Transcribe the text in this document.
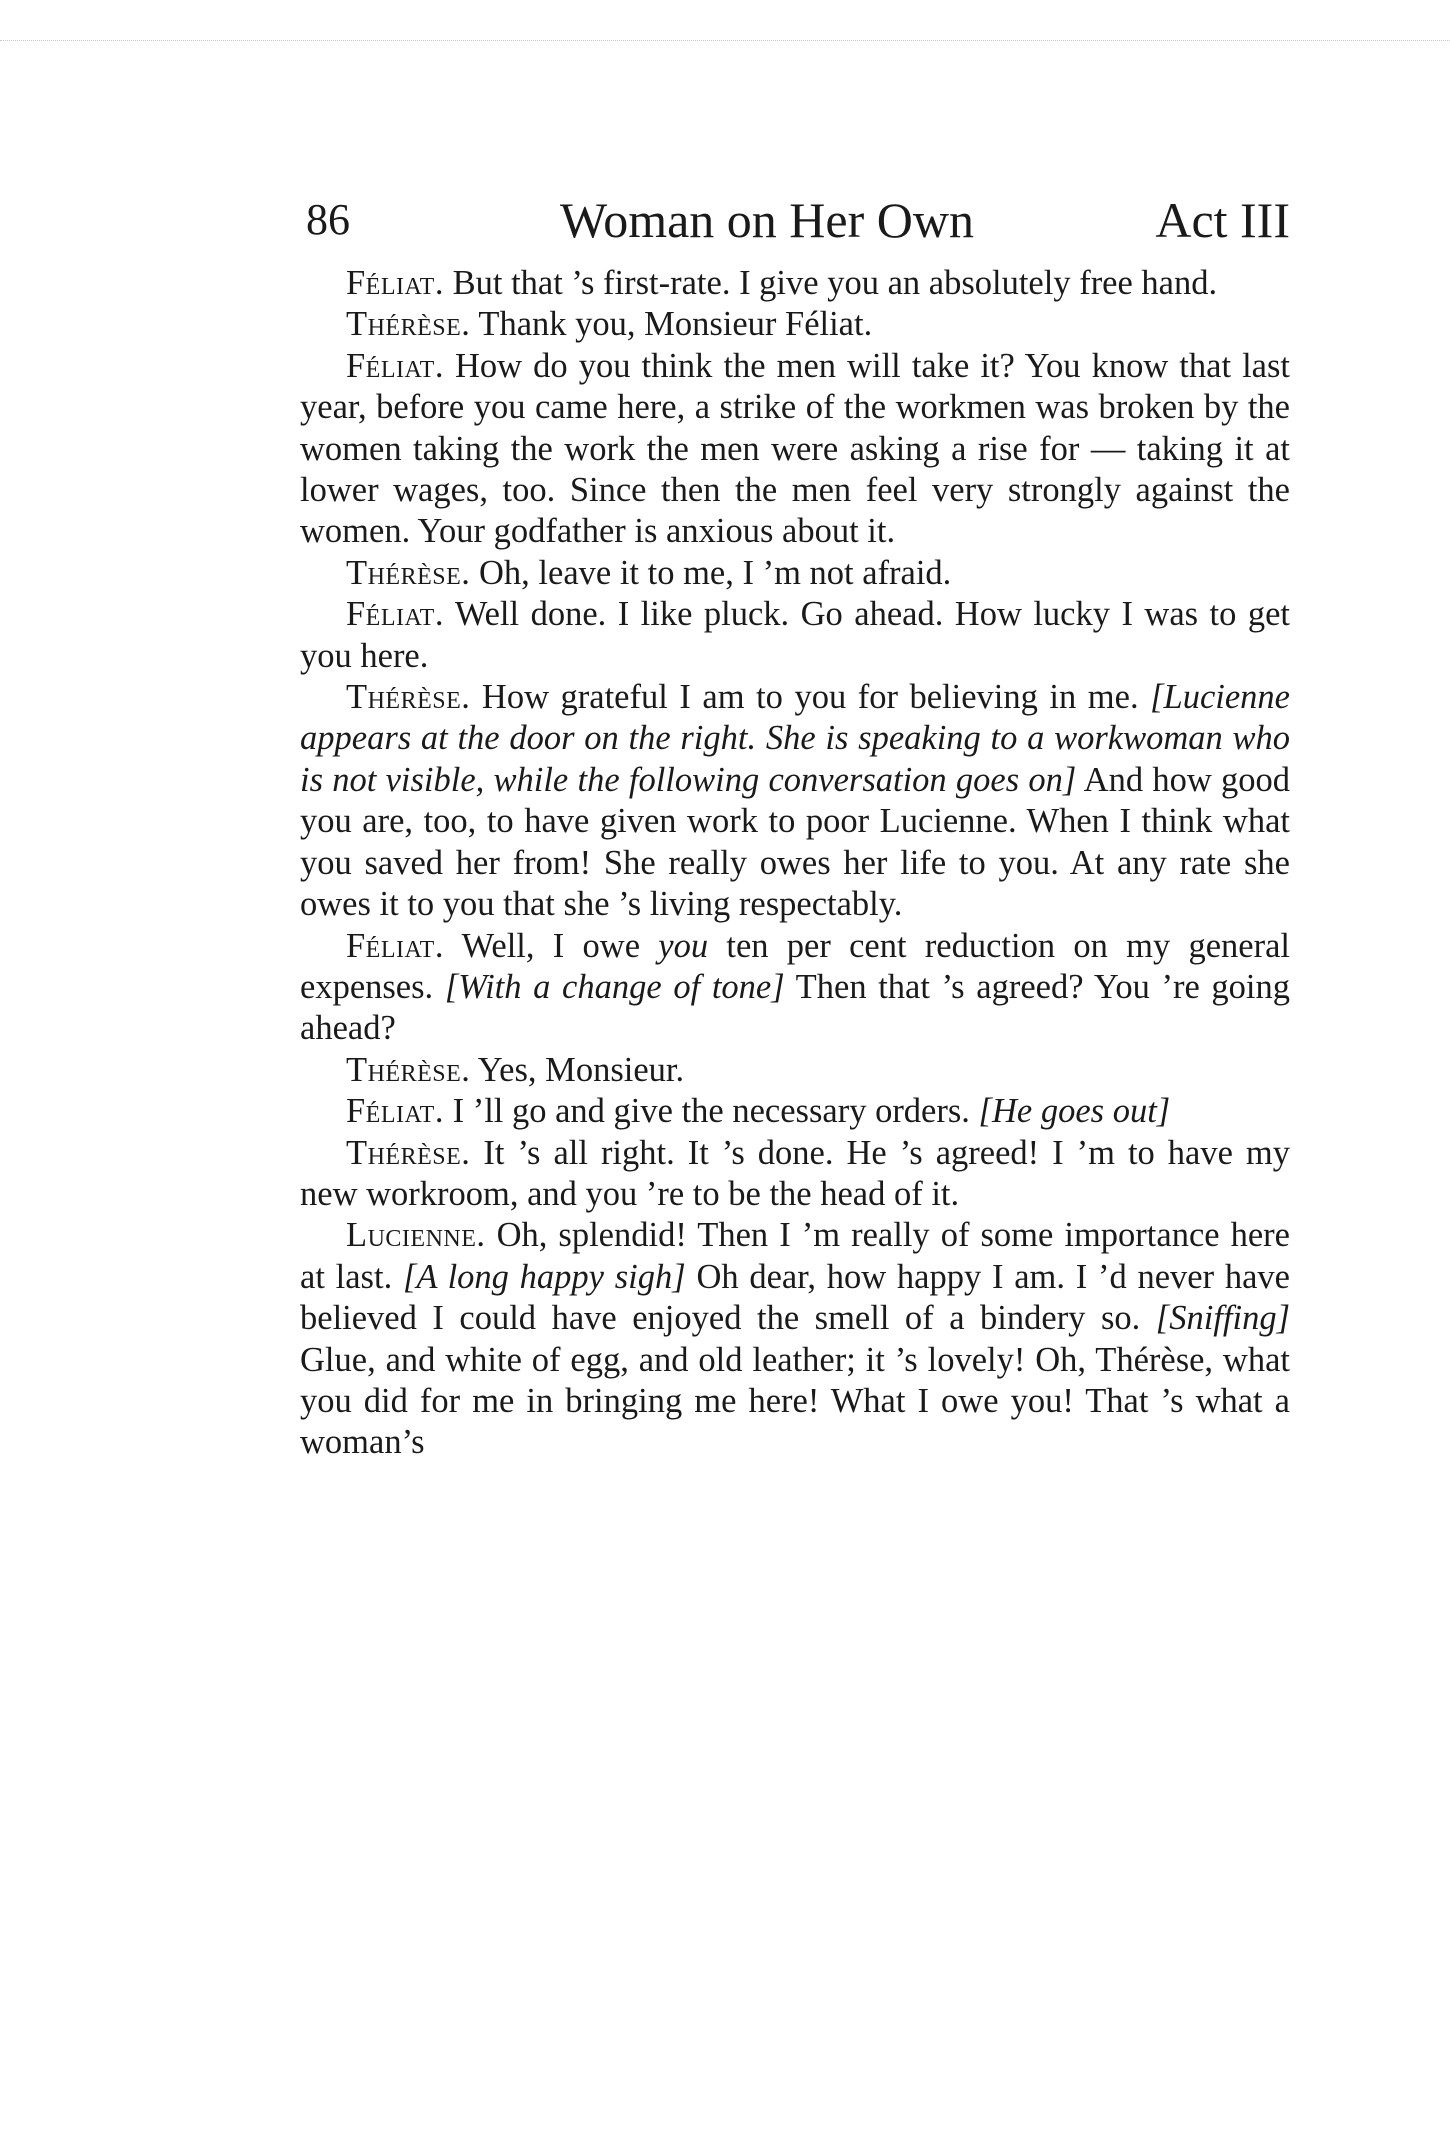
86	Woman on Her Own	Act III

Féliat. But that ’s first-rate. I give you an absolutely free hand.

Thérèse. Thank you, Monsieur Féliat.

Féliat. How do you think the men will take it? You know that last year, before you came here, a strike of the workmen was broken by the women taking the work the men were asking a rise for — taking it at lower wages, too. Since then the men feel very strongly against the women. Your godfather is anxious about it.

Thérèse. Oh, leave it to me, I ’m not afraid.

Féliat. Well done. I like pluck. Go ahead. How lucky I was to get you here.

Thérèse. How grateful I am to you for believing in me. [Lucienne appears at the door on the right. She is speaking to a workwoman who is not visible, while the following conversation goes on] And how good you are, too, to have given work to poor Lucienne. When I think what you saved her from! She really owes her life to you. At any rate she owes it to you that she ’s living respectably.

Féliat. Well, I owe you ten per cent reduction on my general expenses. [With a change of tone] Then that ’s agreed? You ’re going ahead?

Thérèse. Yes, Monsieur.

Féliat. I ’ll go and give the necessary orders. [He goes out]

Thérèse. It ’s all right. It ’s done. He ’s agreed! I ’m to have my new workroom, and you ’re to be the head of it.

Lucienne. Oh, splendid! Then I ’m really of some importance here at last. [A long happy sigh] Oh dear, how happy I am. I ’d never have believed I could have enjoyed the smell of a bindery so. [Sniffing] Glue, and white of egg, and old leather; it ’s lovely! Oh, Thérèse, what you did for me in bringing me here! What I owe you! That ’s what a woman’s
